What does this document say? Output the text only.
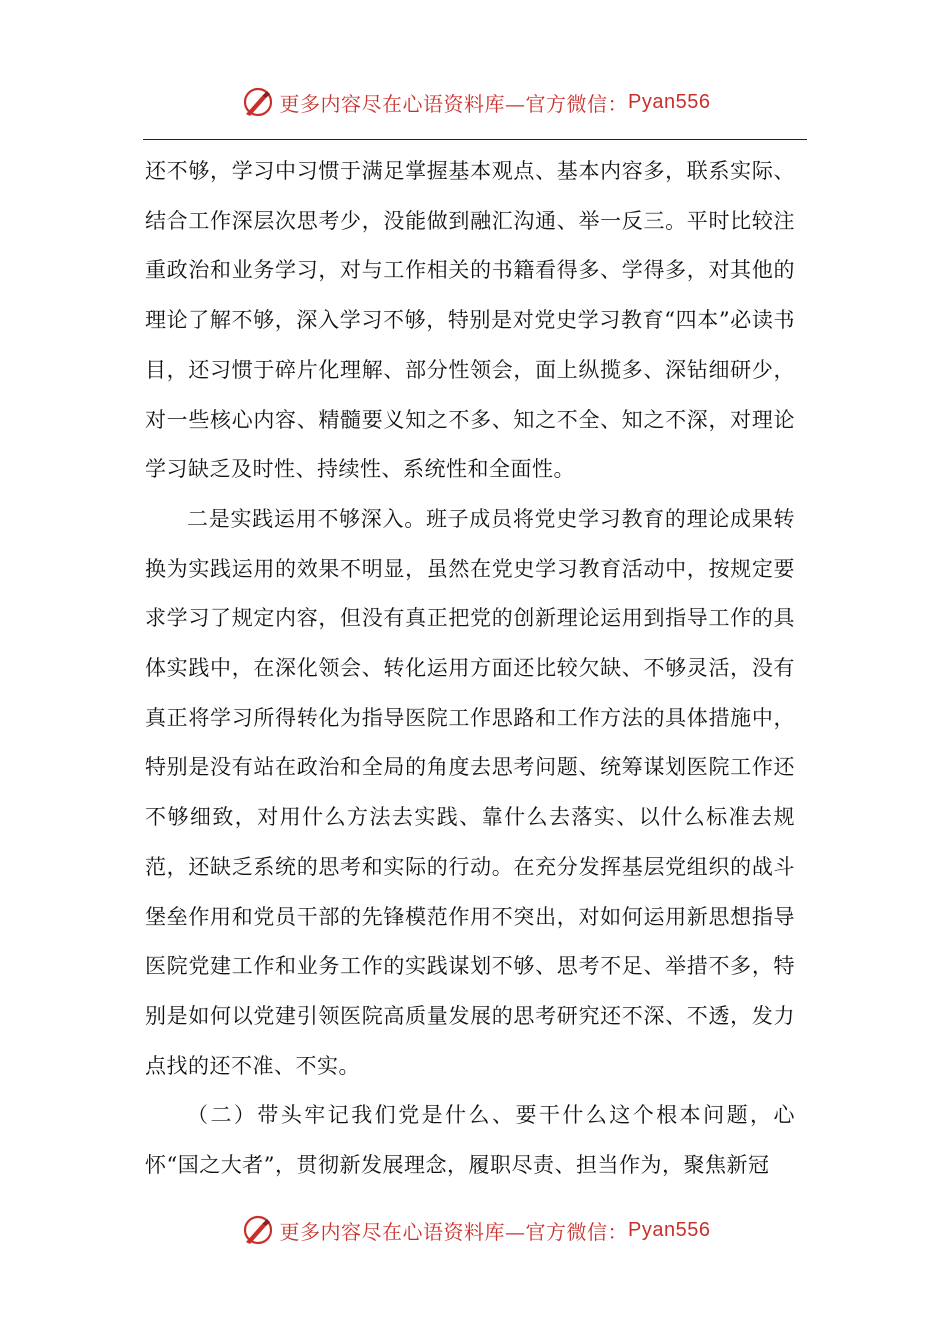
更多内容尽在心语资料库—官方微信： Pyan556

还不够，学习中习惯于满足掌握基本观点、基本内容多，联系实际、结合工作深层次思考少，没能做到融汇沟通、举一反三。平时比较注重政治和业务学习，对与工作相关的书籍看得多、学得多，对其他的理论了解不够，深入学习不够，特别是对党史学习教育“四本”必读书目，还习惯于碎片化理解、部分性领会，面上纵揽多、深钻细研少，对一些核心内容、精髓要义知之不多、知之不全、知之不深，对理论学习缺乏及时性、持续性、系统性和全面性。

二是实践运用不够深入。班子成员将党史学习教育的理论成果转换为实践运用的效果不明显，虽然在党史学习教育活动中，按规定要求学习了规定内容，但没有真正把党的创新理论运用到指导工作的具体实践中，在深化领会、转化运用方面还比较欠缺、不够灵活，没有真正将学习所得转化为指导医院工作思路和工作方法的具体措施中，特别是没有站在政治和全局的角度去思考问题、统筹谋划医院工作还不够细致，对用什么方法去实践、靠什么去落实、以什么标准去规范，还缺乏系统的思考和实际的行动。在充分发挥基层党组织的战斗堡垒作用和党员干部的先锋模范作用不突出，对如何运用新思想指导医院党建工作和业务工作的实践谋划不够、思考不足、举措不多，特别是如何以党建引领医院高质量发展的思考研究还不深、不透，发力点找的还不准、不实。

（二）带头牢记我们党是什么、要干什么这个根本问题，心怀“国之大者”，贯彻新发展理念，履职尽责、担当作为，聚焦新冠

更多内容尽在心语资料库—官方微信： Pyan556
